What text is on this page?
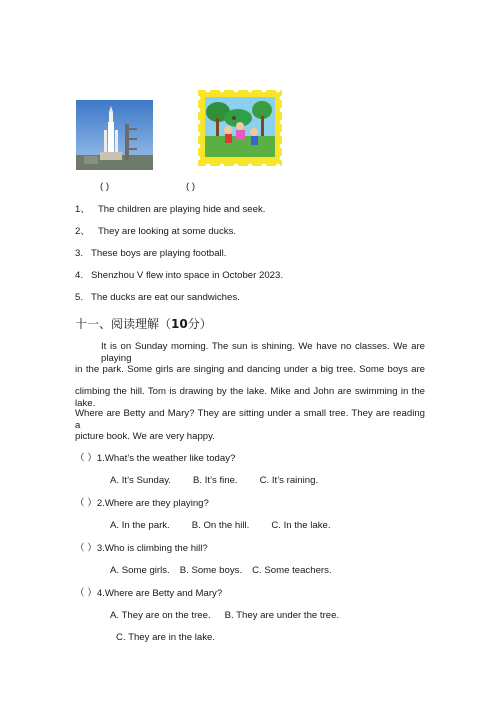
( )	( )
1、 The children are playing hide and seek.
2、 They are looking at some ducks.
3. These boys are playing football.
4. Shenzhou V flew into space in October 2023.
5. The ducks are eat our sandwiches.
十一、阅读理解（10分）
It is on Sunday morning. The sun is shining. We have no classes. We are playing
in the park. Some girls are singing and dancing under a big tree. Some boys are
climbing the hill. Tom is drawing by the lake. Mike and John are swimming in the lake.
Where are Betty and Mary? They are sitting under a small tree. They are reading a
picture book. We are very happy.
（ ）1.What’s the weather like today?
A. It’s Sunday. B. It’s fine. C. It’s raining.
（ ）2.Where are they playing?
A. In the park. B. On the hill. C. In the lake.
（ ）3.Who is climbing the hill?
A. Some girls. B. Some boys. C. Some teachers.
（ ）4.Where are Betty and Mary?
A. They are on the tree. B. They are under the tree.
C. They are in the lake.
